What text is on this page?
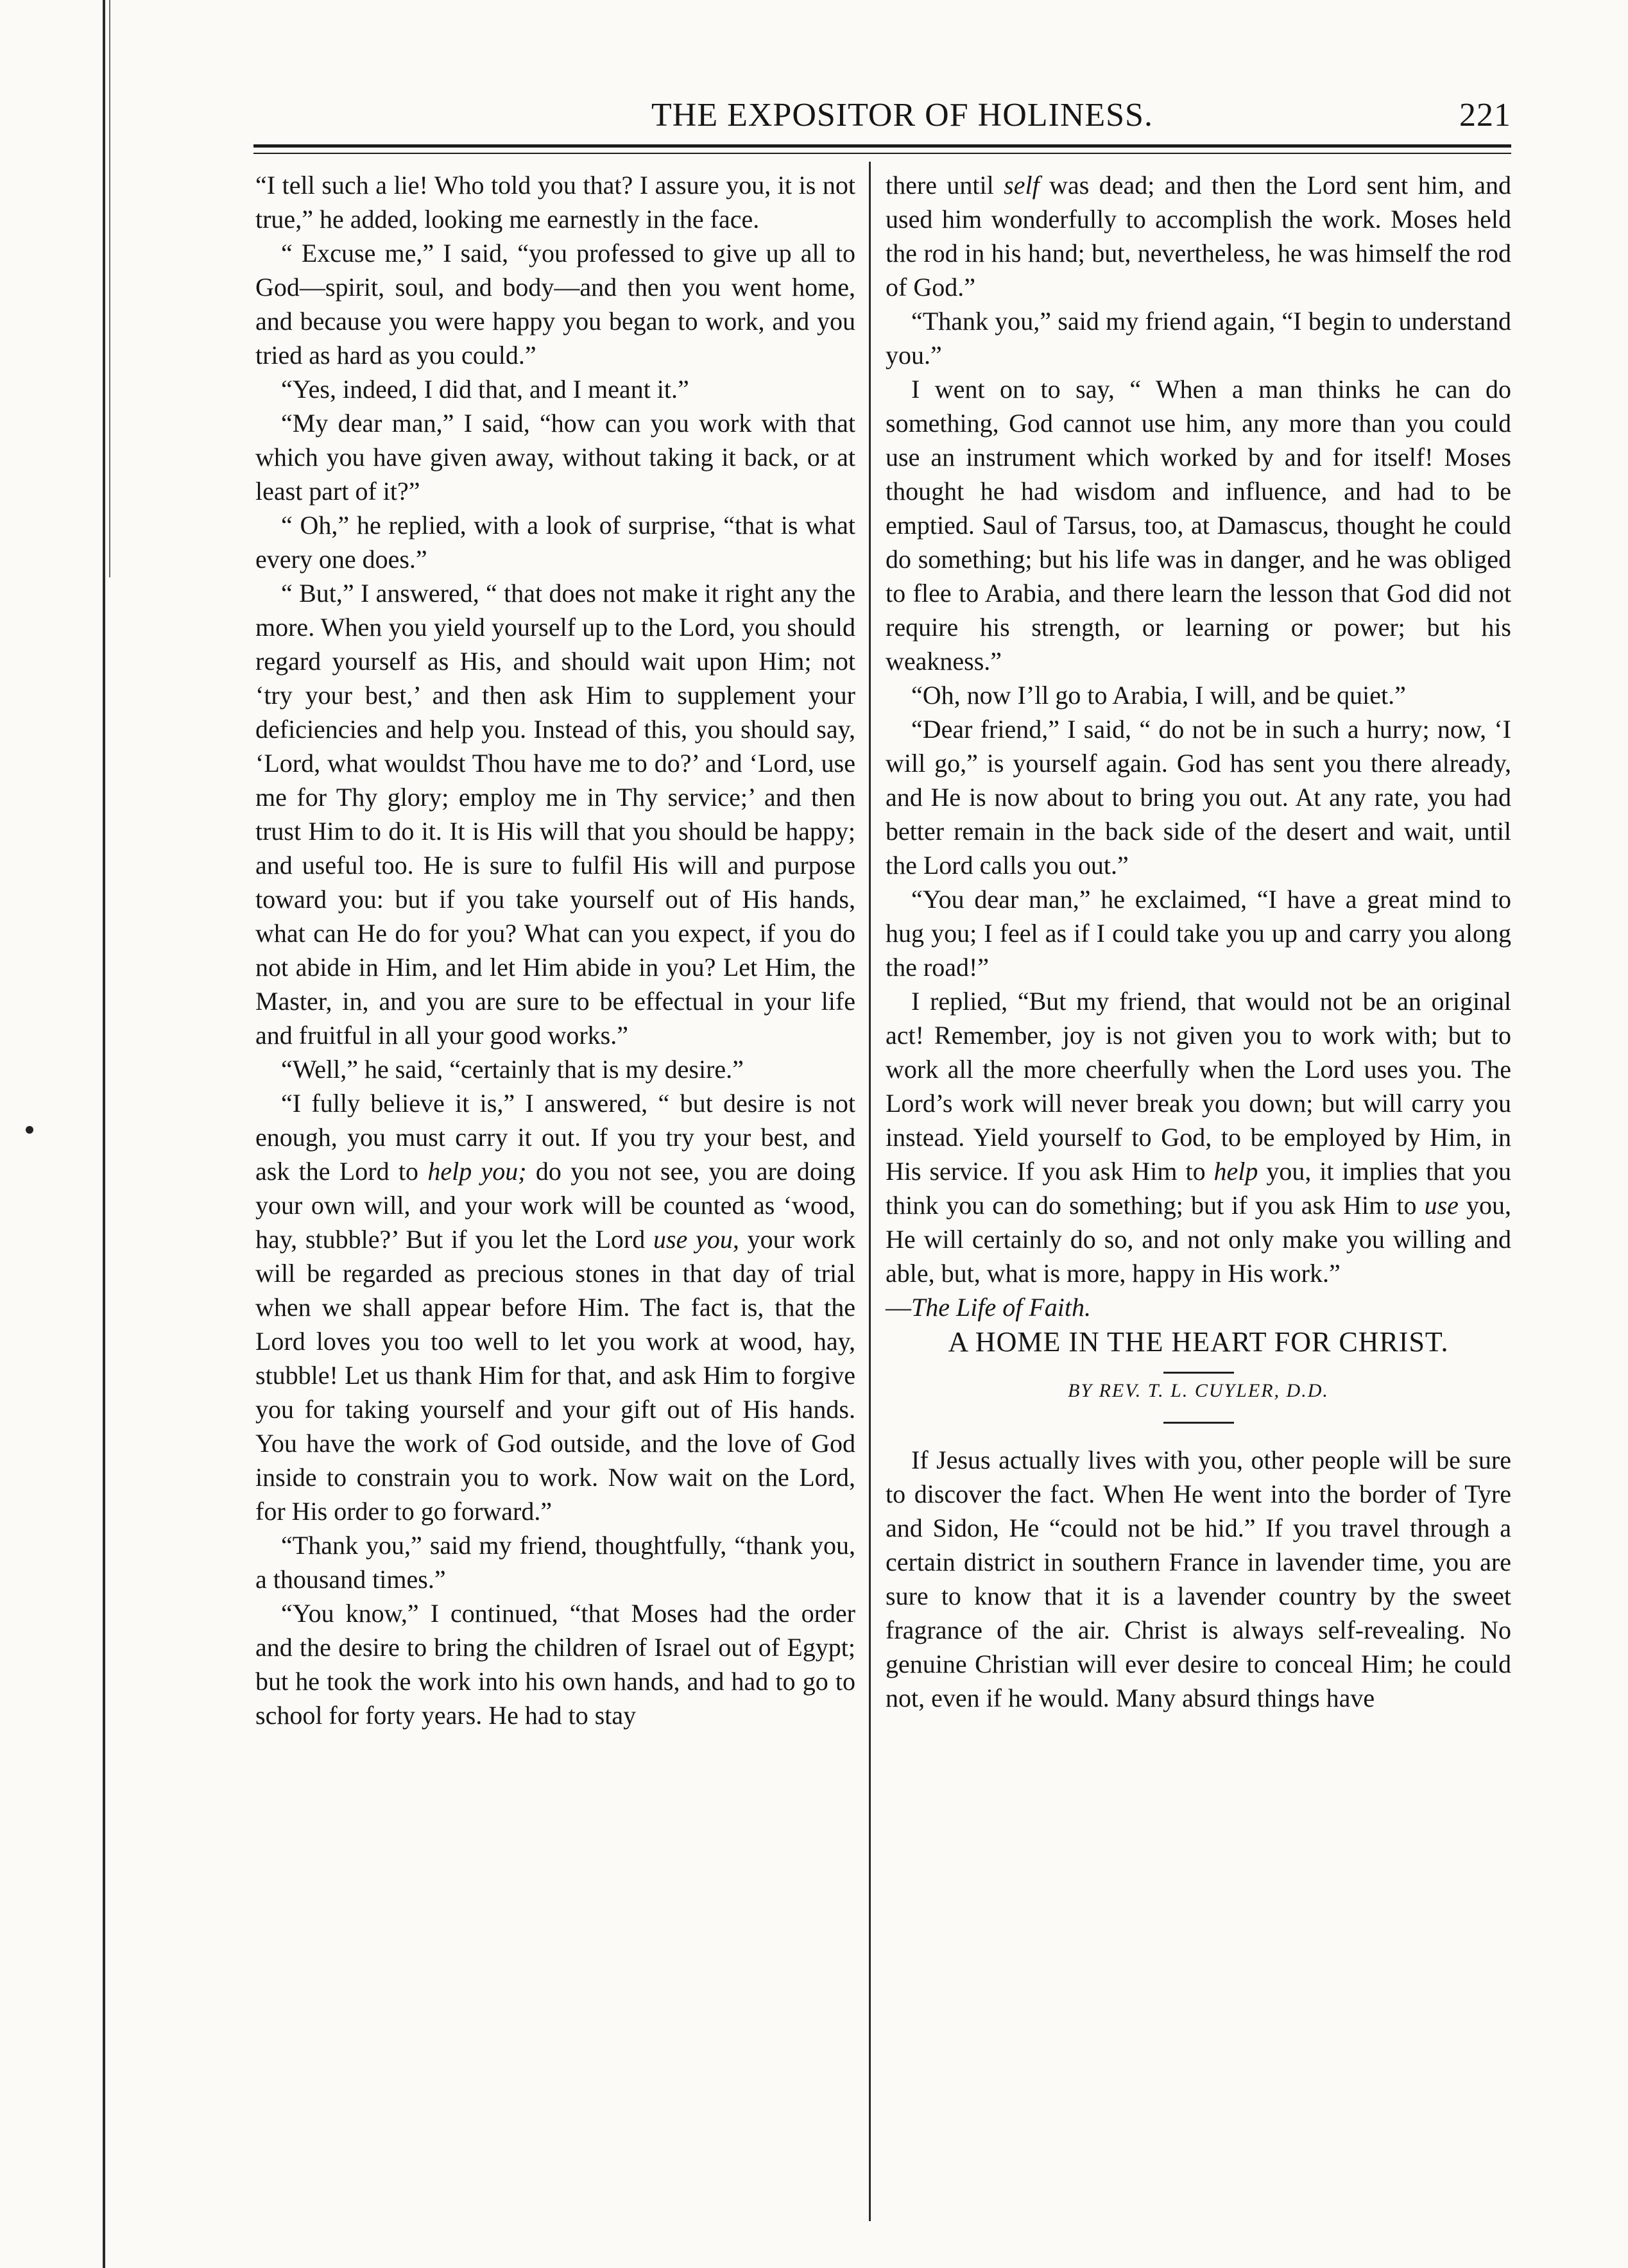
THE EXPOSITOR OF HOLINESS.	221

“I tell such a lie! Who told you that? I assure you, it is not true,” he added, looking me earnestly in the face.

“ Excuse me,” I said, “you professed to give up all to God—spirit, soul, and body—and then you went home, and because you were happy you began to work, and you tried as hard as you could.”

“Yes, indeed, I did that, and I meant it.”

“My dear man,” I said, “how can you work with that which you have given away, without taking it back, or at least part of it?”

“ Oh,” he replied, with a look of surprise, “that is what every one does.”

“ But,” I answered, “ that does not make it right any the more. When you yield yourself up to the Lord, you should regard yourself as His, and should wait upon Him; not ‘try your best,’ and then ask Him to supplement your deficiencies and help you. Instead of this, you should say, ‘Lord, what wouldst Thou have me to do?’ and ‘Lord, use me for Thy glory; employ me in Thy service;’ and then trust Him to do it. It is His will that you should be happy; and useful too. He is sure to fulfil His will and purpose toward you: but if you take yourself out of His hands, what can He do for you? What can you expect, if you do not abide in Him, and let Him abide in you? Let Him, the Master, in, and you are sure to be effectual in your life and fruitful in all your good works.”

“Well,” he said, “certainly that is my desire.”

“I fully believe it is,” I answered, “ but desire is not enough, you must carry it out. If you try your best, and ask the Lord to help you; do you not see, you are doing your own will, and your work will be counted as ‘wood, hay, stubble?’ But if you let the Lord use you, your work will be regarded as precious stones in that day of trial when we shall appear before Him. The fact is, that the Lord loves you too well to let you work at wood, hay, stubble! Let us thank Him for that, and ask Him to forgive you for taking yourself and your gift out of His hands. You have the work of God outside, and the love of God inside to constrain you to work. Now wait on the Lord, for His order to go forward.”

“Thank you,” said my friend, thoughtfully, “thank you, a thousand times.”

“You know,” I continued, “that Moses had the order and the desire to bring the children of Israel out of Egypt; but he took the work into his own hands, and had to go to school for forty years. He had to stay

there until self was dead; and then the Lord sent him, and used him wonderfully to accomplish the work. Moses held the rod in his hand; but, nevertheless, he was himself the rod of God.”

“Thank you,” said my friend again, “I begin to understand you.”

I went on to say, “ When a man thinks he can do something, God cannot use him, any more than you could use an instrument which worked by and for itself! Moses thought he had wisdom and influence, and had to be emptied. Saul of Tarsus, too, at Damascus, thought he could do something; but his life was in danger, and he was obliged to flee to Arabia, and there learn the lesson that God did not require his strength, or learning or power; but his weakness.”

“Oh, now I’ll go to Arabia, I will, and be quiet.”

“Dear friend,” I said, “ do not be in such a hurry; now, ‘I will go,” is yourself again. God has sent you there already, and He is now about to bring you out. At any rate, you had better remain in the back side of the desert and wait, until the Lord calls you out.”

“You dear man,” he exclaimed, “I have a great mind to hug you; I feel as if I could take you up and carry you along the road!”

I replied, “But my friend, that would not be an original act! Remember, joy is not given you to work with; but to work all the more cheerfully when the Lord uses you. The Lord’s work will never break you down; but will carry you instead. Yield yourself to God, to be employed by Him, in His service. If you ask Him to help you, it implies that you think you can do something; but if you ask Him to use you, He will certainly do so, and not only make you willing and able, but, what is more, happy in His work.”

—The Life of Faith.

A HOME IN THE HEART FOR CHRIST.

BY REV. T. L. CUYLER, D.D.

If Jesus actually lives with you, other people will be sure to discover the fact. When He went into the border of Tyre and Sidon, He “could not be hid.” If you travel through a certain district in southern France in lavender time, you are sure to know that it is a lavender country by the sweet fragrance of the air. Christ is always self-revealing. No genuine Christian will ever desire to conceal Him; he could not, even if he would. Many absurd things have
